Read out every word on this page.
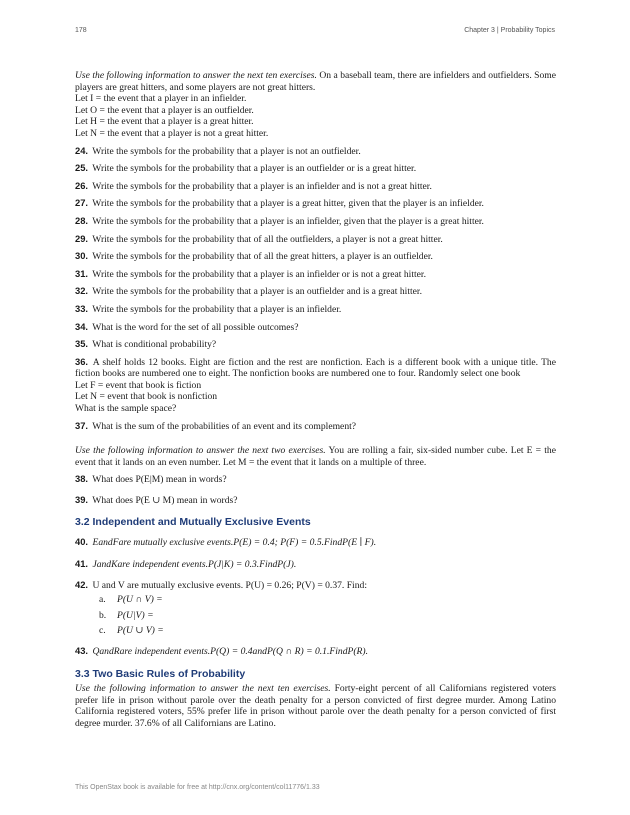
178	Chapter 3 | Probability Topics
Use the following information to answer the next ten exercises. On a baseball team, there are infielders and outfielders. Some players are great hitters, and some players are not great hitters.
Let I = the event that a player in an infielder.
Let O = the event that a player is an outfielder.
Let H = the event that a player is a great hitter.
Let N = the event that a player is not a great hitter.
24. Write the symbols for the probability that a player is not an outfielder.
25. Write the symbols for the probability that a player is an outfielder or is a great hitter.
26. Write the symbols for the probability that a player is an infielder and is not a great hitter.
27. Write the symbols for the probability that a player is a great hitter, given that the player is an infielder.
28. Write the symbols for the probability that a player is an infielder, given that the player is a great hitter.
29. Write the symbols for the probability that of all the outfielders, a player is not a great hitter.
30. Write the symbols for the probability that of all the great hitters, a player is an outfielder.
31. Write the symbols for the probability that a player is an infielder or is not a great hitter.
32. Write the symbols for the probability that a player is an outfielder and is a great hitter.
33. Write the symbols for the probability that a player is an infielder.
34. What is the word for the set of all possible outcomes?
35. What is conditional probability?
36. A shelf holds 12 books. Eight are fiction and the rest are nonfiction. Each is a different book with a unique title. The fiction books are numbered one to eight. The nonfiction books are numbered one to four. Randomly select one book
Let F = event that book is fiction
Let N = event that book is nonfiction
What is the sample space?
37. What is the sum of the probabilities of an event and its complement?
Use the following information to answer the next two exercises. You are rolling a fair, six-sided number cube. Let E = the event that it lands on an even number. Let M = the event that it lands on a multiple of three.
38. What does P(E|M) mean in words?
39. What does P(E ∪ M) mean in words?
3.2 Independent and Mutually Exclusive Events
40. EandFare mutually exclusive events.P(E) = 0.4; P(F) = 0.5.FindP(E ∣ F).
41. JandKare independent events.P(J|K) = 0.3.FindP(J).
42. U and V are mutually exclusive events. P(U) = 0.26; P(V) = 0.37. Find:
a. P(U ∩ V) =
b. P(U|V) =
c. P(U ∪ V) =
43. QandRare independent events.P(Q) = 0.4andP(Q ∩ R) = 0.1.FindP(R).
3.3 Two Basic Rules of Probability
Use the following information to answer the next ten exercises. Forty-eight percent of all Californians registered voters prefer life in prison without parole over the death penalty for a person convicted of first degree murder. Among Latino California registered voters, 55% prefer life in prison without parole over the death penalty for a person convicted of first degree murder. 37.6% of all Californians are Latino.
This OpenStax book is available for free at http://cnx.org/content/col11776/1.33
